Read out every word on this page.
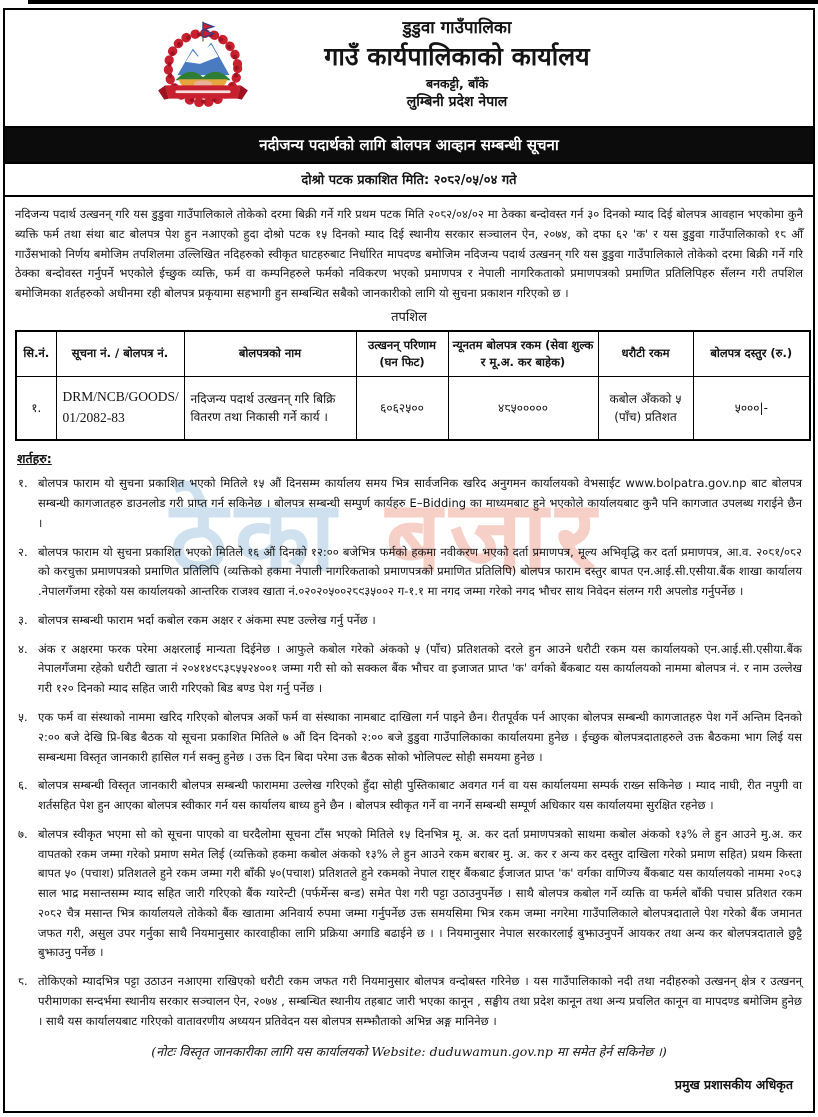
ठेका बजार
डुडुवा गाउँपालिका
गाउँ कार्यपालिकाको कार्यालय
बनकट्टी, बाँके
लुम्बिनी प्रदेश नेपाल
नदीजन्य पदार्थको लागि बोलपत्र आव्हान सम्बन्धी सूचना
दोश्रो पटक प्रकाशित मिति: २०८२/०५/०४ गते

नदिजन्य पदार्थ उत्खनन् गरि यस डुडुवा गाउँपालिकाले तोकेको दरमा बिक्री गर्ने गरि प्रथम पटक मिति २०८२/०४/०२ मा ठेक्का बन्दोवस्त गर्न ३० दिनको म्याद दिई बोलपत्र आवहान भएकोमा कुनै ब्यक्ति फर्म तथा संथा बाट बोलपत्र पेश हुन नआएको हुदा दोश्रो पटक १५ दिनको म्याद दिई स्थानीय सरकार सञ्चालन ऐन, २०७४, को दफा ६२ 'क' र यस डुडुवा गाउँपालिकाको १८ औँ गाउँसभाको निर्णय बमोजिम तपशिलमा उल्लिखित नदिहरुको स्वीकृत घाटहरुबाट निर्धारित मापदण्ड बमोजिम नदिजन्य पदार्थ उत्खनन् गरि यस डुडुवा गाउँपालिकाले तोकेको दरमा बिक्री गर्ने गरि ठेक्का बन्दोवस्त गर्नुपर्ने भएकोले ईच्छुक व्यक्ति, फर्म वा कम्पनिहरुले फर्मको नविकरण भएको प्रमाणपत्र र नेपाली नागरिकताको प्रमाणपत्रको प्रमाणित प्रतिलिपिहरु सँलग्न गरी तपशिल बमोजिमका शर्तहरुको अधीनमा रही बोलपत्र प्रकृयामा सहभागी हुन सम्बन्धित सबैको जानकारीको लागि यो सुचना प्रकाशन गरिएको छ ।

तपशिल
सि.नं.	सूचना नं. / बोलपत्र नं.	बोलपत्रको नाम	उत्खनन् परिणाम (घन फिट)	न्यूनतम बोलपत्र रकम (सेवा शुल्क र मू.अ. कर बाहेक)	धरौटी रकम	बोलपत्र दस्तुर (रु.)
१.	DRM/NCB/GOODS/ 01/2082-83	नदिजन्य पदार्थ उत्खनन् गरि बिक्रि वितरण तथा निकासी गर्ने कार्य ।	६०६२५००	४८५०००००	कबोल अँकको ५ (पाँच) प्रतिशत	५०००|-
शर्तहरु:
१. बोलपत्र फाराम यो सुचना प्रकाशित भएको मितिले १५ औं दिनसम्म कार्यालय समय भित्र सार्वजनिक खरिद अनुगमन कार्यालयको वेभसाईट www.bolpatra.gov.np बाट बोलपत्र सम्बन्धी कागजातहरु डाउनलोड गरी प्राप्त गर्न सकिनेछ । बोलपत्र सम्बन्धी सम्पुर्ण कार्यहरु E–Bidding का माध्यमबाट हुने भएकोले कार्यालयबाट कुनै पनि कागजात उपलब्ध गराईने छैन ।
२. बोलपत्र फाराम यो सुचना प्रकाशित भएको मितिले १६ औं दिनको १२:०० बजेभित्र फर्मको हकमा नवीकरण भएको दर्ता प्रमाणपत्र, मूल्य अभिवृद्धि कर दर्ता प्रमाणपत्र, आ.व. २०८१/०८२ को करचुक्ता प्रमाणपत्रको प्रमाणित प्रतिलिपि (व्यक्तिको हकमा नेपाली नागरिकताको प्रमाणपत्रको प्रमाणित प्रतिलिपि) बोलपत्र फाराम दस्तुर बापत एन.आई.सी.एसीया.बैंक शाखा कार्यालय .नेपालगँजमा रहेको यस कार्यालयको आन्तरिक राजश्व खाता नं.०२०२०५००२८९३५००२ ग-१.१ मा नगद जम्मा गरेको नगद भौचर साथ निवेदन संलग्न गरी अपलोड गर्नुपर्नेछ ।
३. बोलपत्र सम्बन्धी फाराम भर्दा कबोल रकम अक्षर र अंकमा स्पष्ट उल्लेख गर्नु पर्नेछ ।
४. अंक र अक्षरमा फरक परेमा अक्षरलाई मान्यता दिईनेछ । आफुले कबोल गरेको अंकको ५ (पाँच) प्रतिशतको दरले हुन आउने धरौटी रकम यस कार्यालयको एन.आई.सी.एसीया.बैंक नेपालगँजमा रहेको धरौटी खाता नं २०४१४९८३८५५२४००१ जम्मा गरी सो को सक्कल बैंक भौचर वा इजाजत प्राप्त 'क' वर्गको बैंकबाट यस कार्यालयको नाममा बोलपत्र नं. र नाम उल्लेख गरी १२० दिनको म्याद सहित जारी गरिएको बिड बण्ड पेश गर्नु पर्नेछ ।
५. एक फर्म वा संस्थाको नाममा खरिद गरिएको बोलपत्र अर्को फर्म वा संस्थाका नामबाट दाखिला गर्न पाइने छैन। रीतपूर्वक पर्न आएका बोलपत्र सम्बन्धी कागजातहरु पेश गर्ने अन्तिम दिनको २:०० बजे देखि प्रि-बिड बैठक यो सूचना प्रकाशित मितिले ७ औं दिन दिनको २:०० बजे डुडुवा गाउँपालिकाका कार्यालयमा हुनेछ । ईच्छुक बोलपत्रदाताहरुले उक्त बैठकमा भाग लिई यस सम्बन्धमा विस्तृत जानकारी हासिल गर्न सक्नु हुनेछ । उक्त दिन बिदा परेमा उक्त बैठक सोको भोलिपल्ट सोही समयमा हुनेछ ।
६. बोलपत्र सम्बन्धी विस्तृत जानकारी बोलपत्र सम्बन्धी फाराममा उल्लेख गरिएको हुँदा सोही पुस्तिकाबाट अवगत गर्न वा यस कार्यालयमा सम्पर्क राख्न सकिनेछ । म्याद नाघी, रीत नपुगी वा शर्तसहित पेश हुन आएका बोलपत्र स्वीकार गर्न यस कार्यालय बाध्य हुने छैन । बोलपत्र स्वीकृत गर्ने वा नगर्ने सम्बन्धी सम्पूर्ण अधिकार यस कार्यालयमा सुरक्षित रहनेछ ।
७. बोलपत्र स्वीकृत भएमा सो को सूचना पाएको वा घरदैलोमा सूचना टाँस भएको मितिले १५ दिनभित्र मू. अ. कर दर्ता प्रमाणपत्रको साथमा कबोल अंकको १३% ले हुन आउने मु.अ. कर वापतको रकम जम्मा गरेको प्रमाण समेत लिई (व्यक्तिको हकमा कबोल अंकको १३% ले हुन आउने रकम बराबर मु. अ. कर र अन्य कर दस्तुर दाखिला गरेको प्रमाण सहित) प्रथम किस्ता बापत ५० (पचाश) प्रतिशतले हुने रकम जम्मा गरी बाँकी ५०(पचाश) प्रतिशतले हुने रकमको नेपाल राष्ट्र बैंकबाट ईजाजत प्राप्त 'क' वर्गका वाणिज्य बैंकबाट यस कार्यालयको नाममा २०८३ साल भाद्र मसान्तसम्म म्याद सहित जारी गरिएको बैंक ग्यारेन्टी (पर्फर्मेन्स बन्ड) समेत पेश गरी पट्टा उठाउनुपर्नेछ । साथै बोलपत्र कबोल गर्ने व्यक्ति वा फर्मले बाँकी पचास प्रतिशत रकम २०८२ चैत्र मसान्त भित्र कार्यालयले तोकेको बैंक खातामा अनिवार्य रुपमा जम्मा गर्नुपर्नेछ उक्त समयसिमा भित्र रकम जम्मा नगरेमा गाउँपालिकाले बोलपत्रदाताले पेश गरेको बैंक जमानत जफत गरी, असुल उपर गर्नुका साथै नियमानुसार कारवाहीका लागि प्रक्रिया अगाडि बढाईने छ । । नियमानुसार नेपाल सरकारलाई बुझाउनुपर्ने आयकर तथा अन्य कर बोलपत्रदाताले छुट्टै बुझाउनु पर्नेछ ।
८. तोकिएको म्यादभित्र पट्टा उठाउन नआएमा राखिएको धरौटी रकम जफत गरी नियमानुसार बोलपत्र वन्दोबस्त गरिनेछ । यस गाउँपालिकाको नदी तथा नदीहरुको उत्खनन् क्षेत्र र उत्खनन् परीमाणका सन्दर्भमा स्थानीय सरकार सञ्चालन ऐन, २०७४ , सम्बन्धित स्थानीय तहबाट जारी भएका कानून , सङ्घीय तथा प्रदेश कानून तथा अन्य प्रचलित कानून वा मापदण्ड बमोजिम हुनेछ । साथै यस कार्यालयबाट गरिएको वातावरणीय अध्ययन प्रतिवेदन यस बोलपत्र सम्झौताको अभिन्न अङ्ग मानिनेछ ।
(नोटः विस्तृत जानकारीका लागि यस कार्यालयको Website: duduwamun.gov.np मा समेत हेर्न सकिनेछ ।)
प्रमुख प्रशासकीय अधिकृत
